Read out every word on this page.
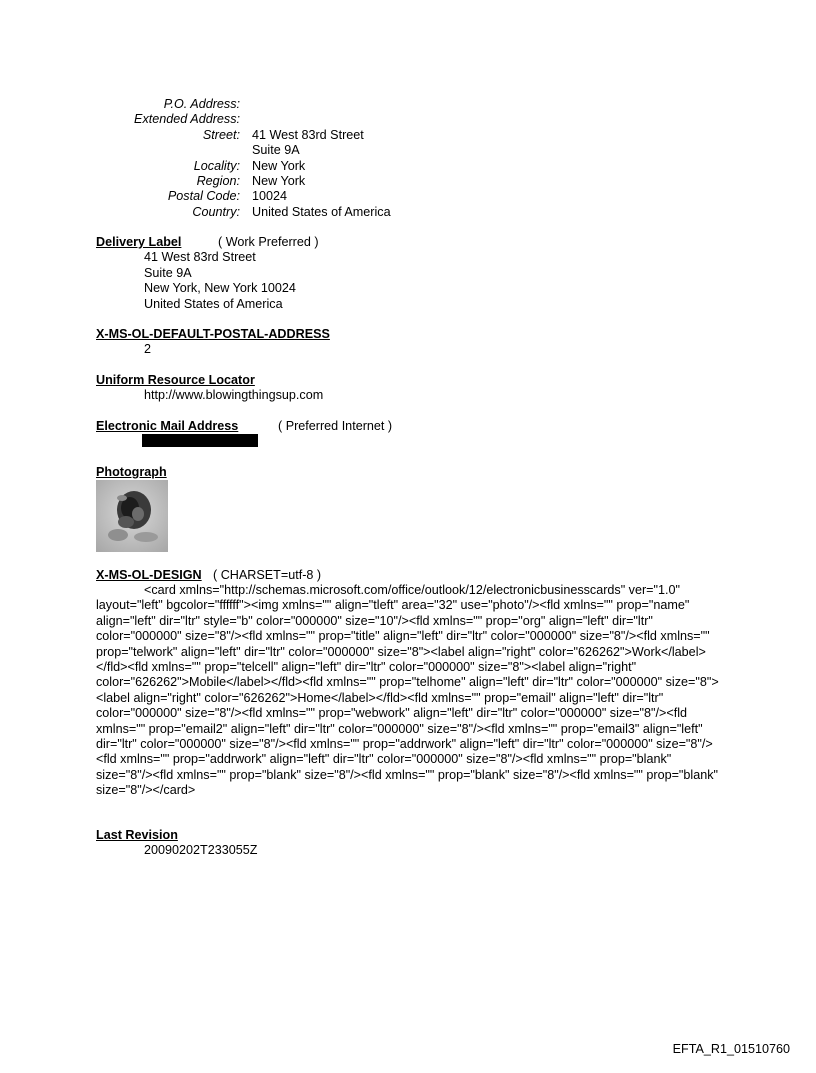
P.O. Address:
Extended Address:
Street: 41 West 83rd Street
Suite 9A
Locality: New York
Region: New York
Postal Code: 10024
Country: United States of America
Delivery Label	( Work Preferred )
41 West 83rd Street
Suite 9A
New York, New York 10024
United States of America
X-MS-OL-DEFAULT-POSTAL-ADDRESS
2
Uniform Resource Locator
http://www.blowingthingsup.com
Electronic Mail Address	( Preferred Internet )
Photograph
X-MS-OL-DESIGN ( CHARSET=utf-8 )

<card xmlns="http://schemas.microsoft.com/office/outlook/12/electronicbusinesscards" ver="1.0" layout="left" bgcolor="ffffff"><img xmlns="" align="tleft" area="32" use="photo"/><fld xmlns="" prop="name" align="left" dir="ltr" style="b" color="000000" size="10"/><fld xmlns="" prop="org" align="left" dir="ltr" color="000000" size="8"/><fld xmlns="" prop="title" align="left" dir="ltr" color="000000" size="8"/><fld xmlns="" prop="telwork" align="left" dir="ltr" color="000000" size="8"><label align="right" color="626262">Work</label></fld><fld xmlns="" prop="telcell" align="left" dir="ltr" color="000000" size="8"><label align="right" color="626262">Mobile</label></fld><fld xmlns="" prop="telhome" align="left" dir="ltr" color="000000" size="8"><label align="right" color="626262">Home</label></fld><fld xmlns="" prop="email" align="left" dir="ltr" color="000000" size="8"/><fld xmlns="" prop="webwork" align="left" dir="ltr" color="000000" size="8"/><fld xmlns="" prop="email2" align="left" dir="ltr" color="000000" size="8"/><fld xmlns="" prop="email3" align="left" dir="ltr" color="000000" size="8"/><fld xmlns="" prop="addrwork" align="left" dir="ltr" color="000000" size="8"/><fld xmlns="" prop="addrwork" align="left" dir="ltr" color="000000" size="8"/><fld xmlns="" prop="blank" size="8"/><fld xmlns="" prop="blank" size="8"/><fld xmlns="" prop="blank" size="8"/><fld xmlns="" prop="blank" size="8"/></card>

Last Revision
20090202T233055Z
EFTA_R1_01510760
